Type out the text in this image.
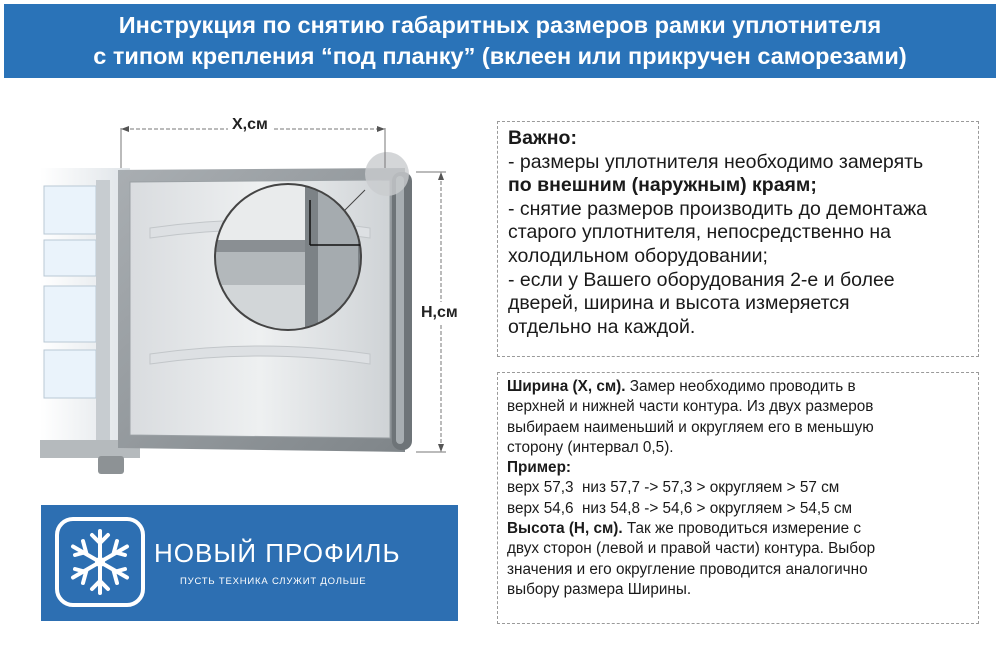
Инструкция по снятию габаритных размеров рамки уплотнителя
с типом крепления “под планку” (вклеен или прикручен саморезами)
X,см
H,см
Важно:
- размеры уплотнителя необходимо замерять
по внешним (наружным) краям;
- снятие размеров производить до демонтажа
старого уплотнителя, непосредственно на
холодильном оборудовании;
- если у Вашего оборудования 2-е и более
дверей, ширина и высота измеряется
отдельно на каждой.
Ширина (X, см). Замер необходимо проводить в
верхней и нижней части контура. Из двух размеров
выбираем наименьший и округляем его в меньшую
сторону (интервал 0,5).
Пример:
верх 57,3  низ 57,7 -> 57,3 > округляем > 57 см
верх 54,6  низ 54,8 -> 54,6 > округляем > 54,5 см
Высота (H, см). Так же проводиться измерение с
двух сторон (левой и правой части) контура. Выбор
значения и его округление проводится аналогично
выбору размера Ширины.
НОВЫЙ ПРОФИЛЬ
ПУСТЬ ТЕХНИКА СЛУЖИТ ДОЛЬШЕ
